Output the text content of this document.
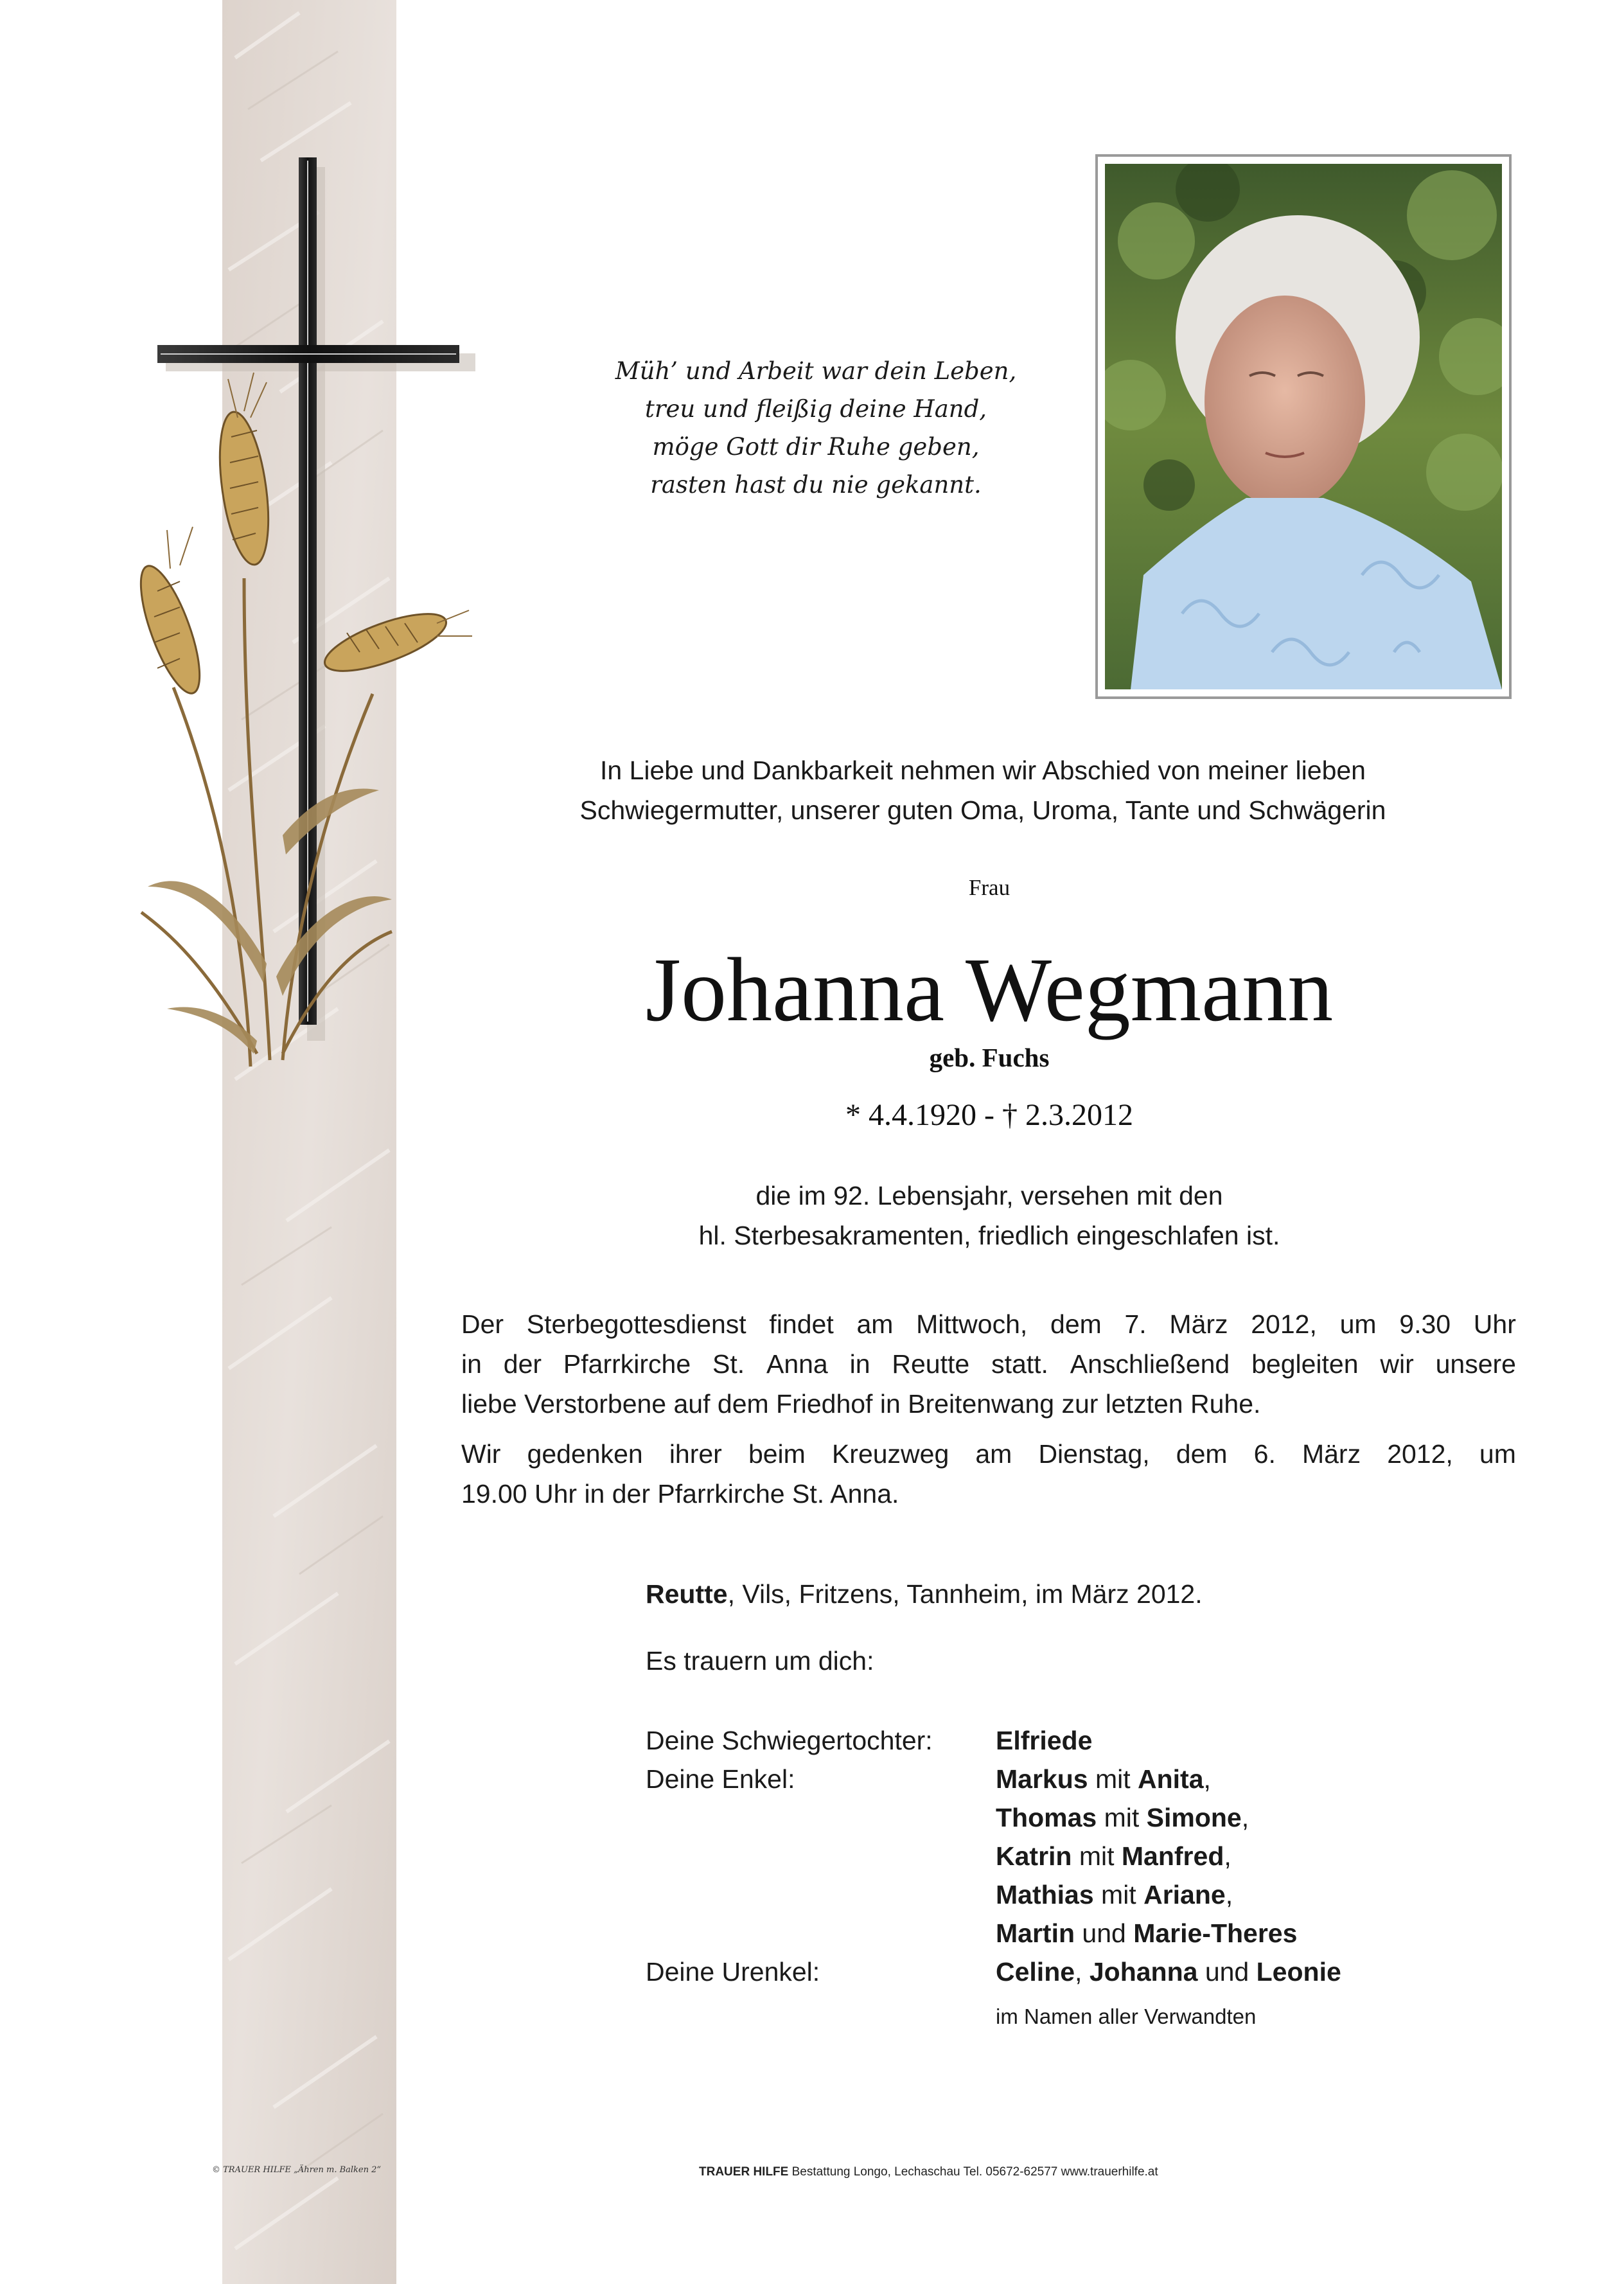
Müh’ und Arbeit war dein Leben,
treu und fleißig deine Hand,
möge Gott dir Ruhe geben,
rasten hast du nie gekannt.
In Liebe und Dankbarkeit nehmen wir Abschied von meiner lieben
Schwiegermutter, unserer guten Oma, Uroma, Tante und Schwägerin
Frau
Johanna Wegmann
geb. Fuchs
* 4.4.1920 - † 2.3.2012
die im 92. Lebensjahr, versehen mit den
hl. Sterbesakramenten, friedlich eingeschlafen ist.
Der Sterbegottesdienst findet am Mittwoch, dem 7. März 2012, um 9.30 Uhr
in der Pfarrkirche St. Anna in Reutte statt. Anschließend begleiten wir unsere
liebe Verstorbene auf dem Friedhof in Breitenwang zur letzten Ruhe.
Wir gedenken ihrer beim Kreuzweg am Dienstag, dem 6. März 2012, um
19.00 Uhr in der Pfarrkirche St. Anna.
Reutte, Vils, Fritzens, Tannheim, im März 2012.
Es trauern um dich:
Deine Schwiegertochter: Elfriede
Deine Enkel:	Markus mit Anita,
Thomas mit Simone,
Katrin mit Manfred,
Mathias mit Ariane,
Martin und Marie-Theres
Deine Urenkel:	Celine, Johanna und Leonie
im Namen aller Verwandten
© TRAUER HILFE „Ähren m. Balken 2“	TRAUER HILFE Bestattung Longo, Lechaschau Tel. 05672-62577 www.trauerhilfe.at
